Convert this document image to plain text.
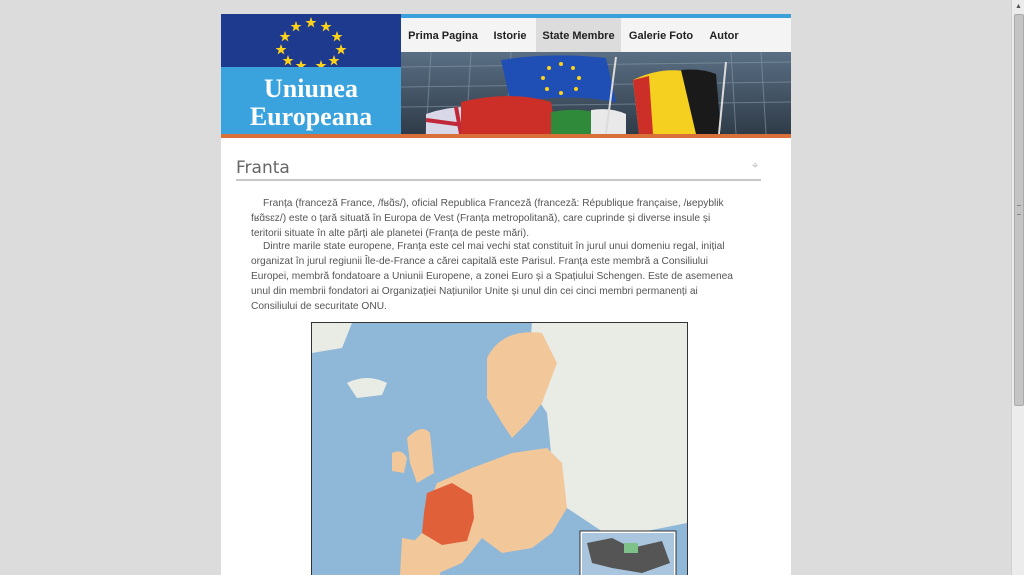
Uniunea
Europeana
Prima Pagina	Istorie	State Membre	Galerie Foto	Autor
Franta	⌖

Franța (franceză France, /fʁɑ̃s/), oficial Republica Franceză (franceză: République française, /ʁepyblik fʁɑ̃sɛz/) este o țară situată în Europa de Vest (Franța metropolitană), care cuprinde și diverse insule și teritorii situate în alte părți ale planetei (Franța de peste mări).

Dintre marile state europene, Franța este cel mai vechi stat constituit în jurul unui domeniu regal, inițial organizat în jurul regiunii Île-de-France a cărei capitală este Parisul. Franța este membră a Consiliului Europei, membră fondatoare a Uniunii Europene, a zonei Euro și a Spațiului Schengen. Este de asemenea unul din membrii fondatori ai Organizației Națiunilor Unite și unul din cei cinci membri permanenți ai Consiliului de securitate ONU.

▲
